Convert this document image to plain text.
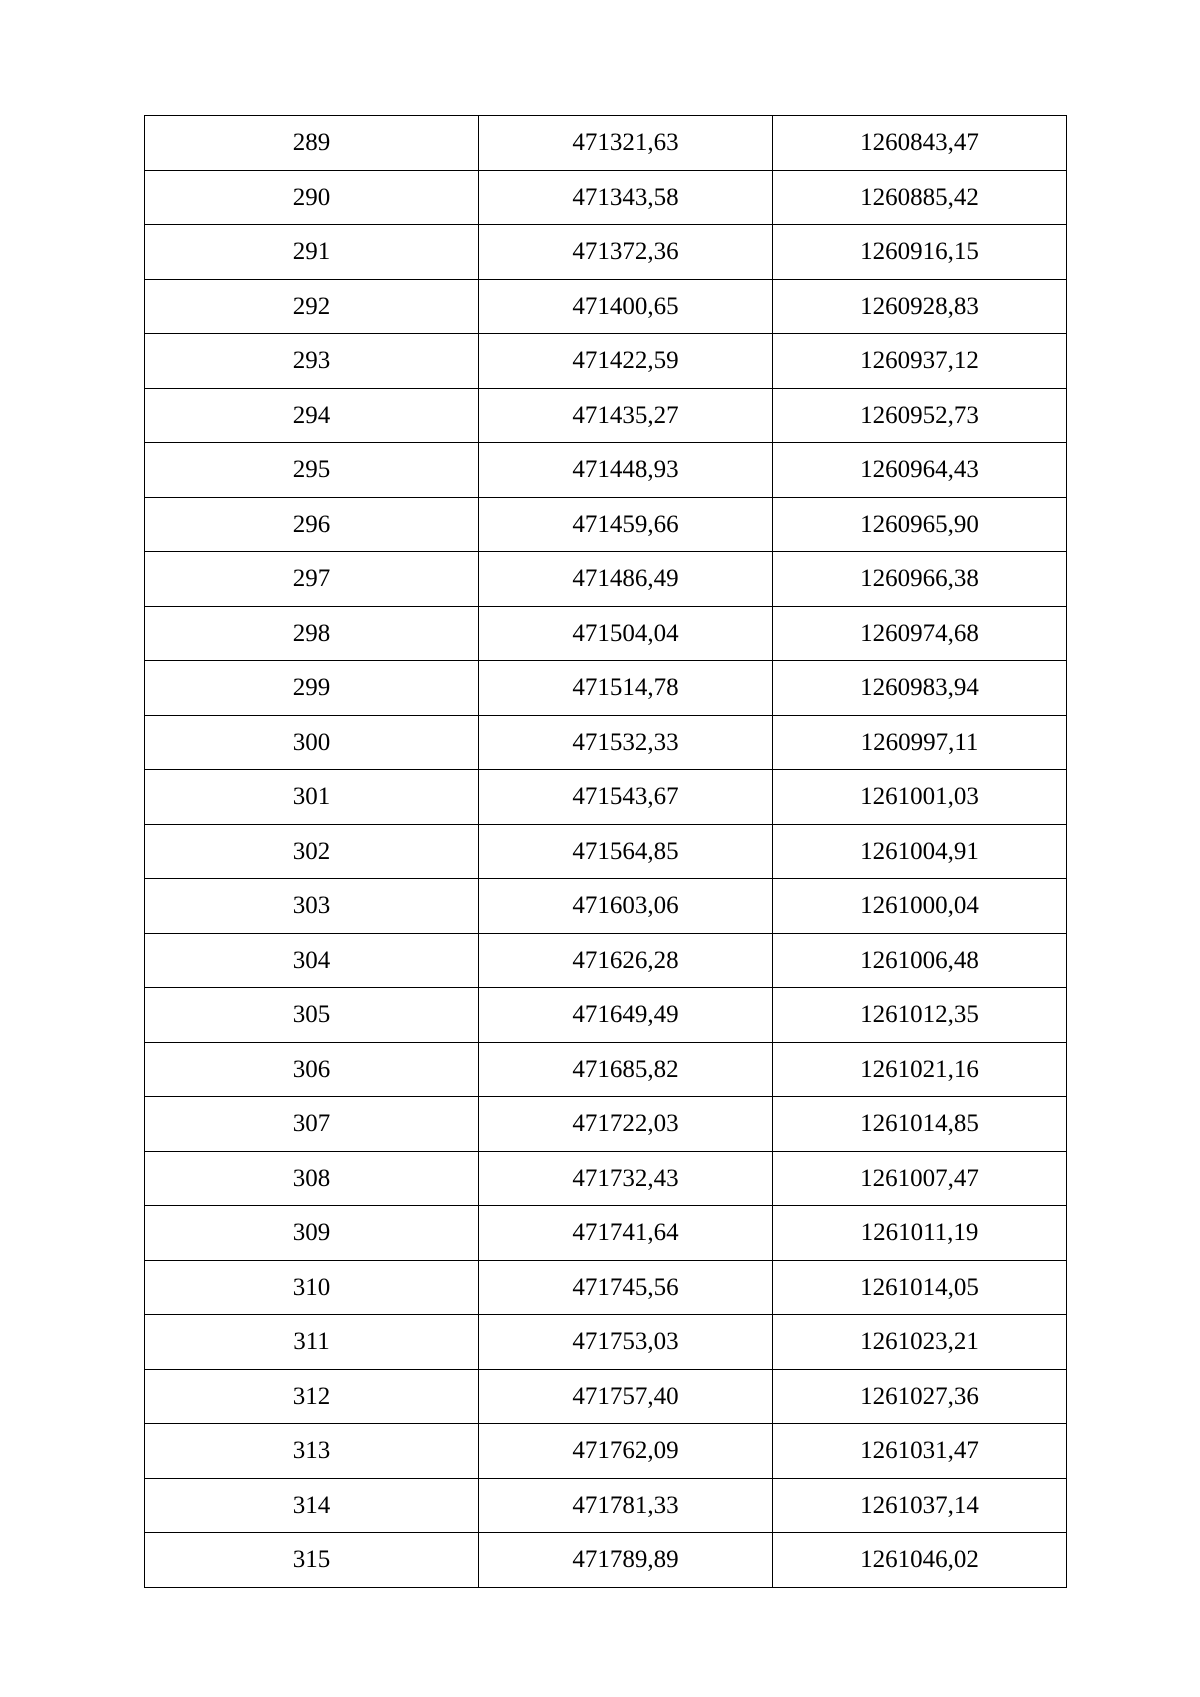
289	471321,63	1260843,47
290	471343,58	1260885,42
291	471372,36	1260916,15
292	471400,65	1260928,83
293	471422,59	1260937,12
294	471435,27	1260952,73
295	471448,93	1260964,43
296	471459,66	1260965,90
297	471486,49	1260966,38
298	471504,04	1260974,68
299	471514,78	1260983,94
300	471532,33	1260997,11
301	471543,67	1261001,03
302	471564,85	1261004,91
303	471603,06	1261000,04
304	471626,28	1261006,48
305	471649,49	1261012,35
306	471685,82	1261021,16
307	471722,03	1261014,85
308	471732,43	1261007,47
309	471741,64	1261011,19
310	471745,56	1261014,05
311	471753,03	1261023,21
312	471757,40	1261027,36
313	471762,09	1261031,47
314	471781,33	1261037,14
315	471789,89	1261046,02
